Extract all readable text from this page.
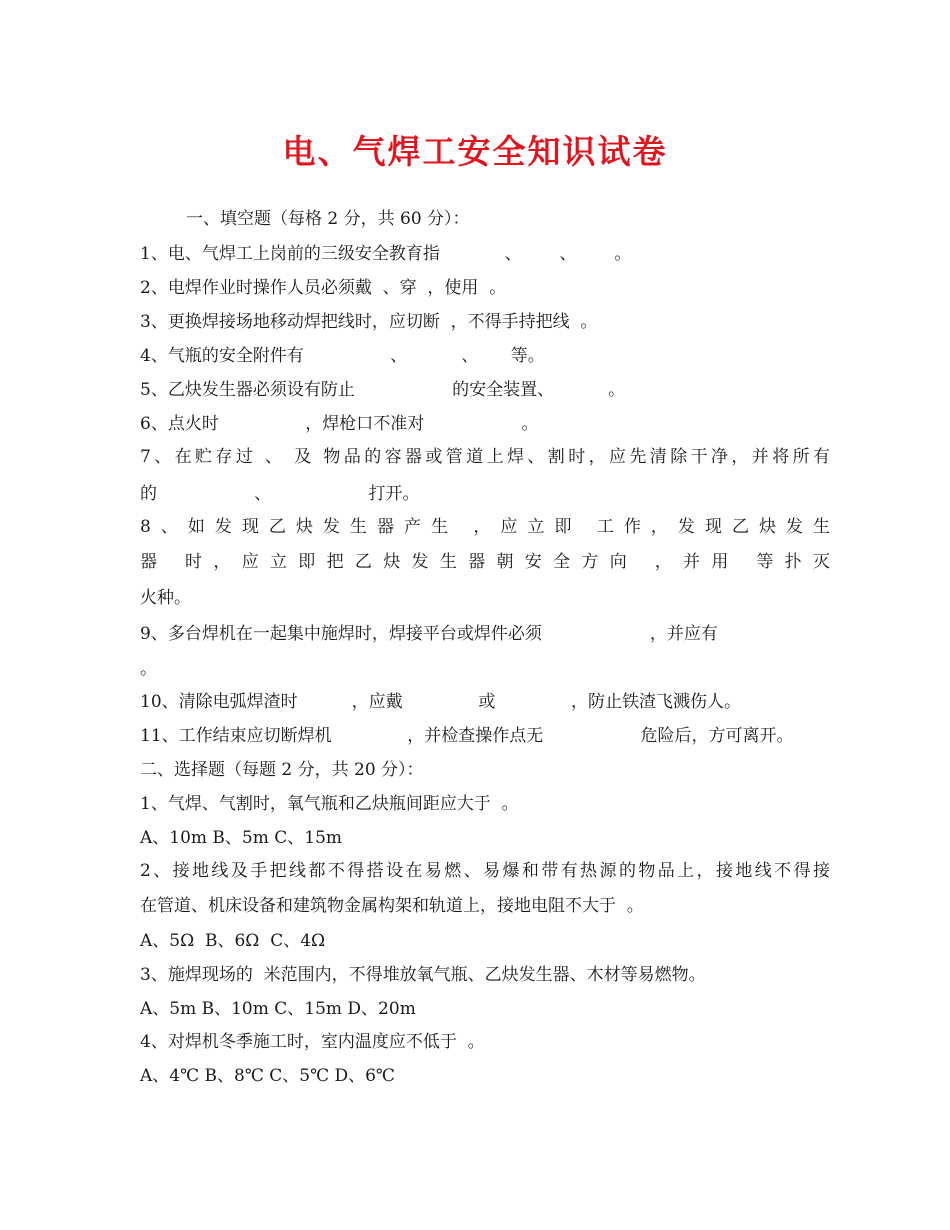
电、气焊工安全知识试卷
一、填空题（每格 2 分，共 60 分）：
1、电、气焊工上岗前的三级安全教育指            、       、       。
2、电焊作业时操作人员必须戴  、穿  ，使用  。
3、更换焊接场地移动焊把线时，应切断  ，不得手持把线  。
4、气瓶的安全附件有                、          、      等。
5、乙炔发生器必须设有防止                  的安全装置、          。
6、点火时                ，焊枪口不准对                  。
7、在贮存过 、 及 物品的容器或管道上焊、割时，应先清除干净，并将所有
的                  、                  打开。
8、如发现乙炔发生器产生 ，应立即 工作，发现乙炔发生
器 时，应立即把乙炔发生器朝安全方向 ，并用 等扑灭
火种。
9、多台焊机在一起集中施焊时，焊接平台或焊件必须                    ，并应有
。
10、清除电弧焊渣时          ，应戴              或              ，防止铁渣飞溅伤人。
11、工作结束应切断焊机              ，并检查操作点无                  危险后，方可离开。
二、选择题（每题 2 分，共 20 分）：
1、气焊、气割时，氧气瓶和乙炔瓶间距应大于  。
A、10m B、5m C、15m
2、接地线及手把线都不得搭设在易燃、易爆和带有热源的物品上，接地线不得接
在管道、机床设备和建筑物金属构架和轨道上，接地电阻不大于  。
A、5Ω  B、6Ω  C、4Ω
3、施焊现场的  米范围内，不得堆放氧气瓶、乙炔发生器、木材等易燃物。
A、5m B、10m C、15m D、20m
4、对焊机冬季施工时，室内温度应不低于  。
A、4℃ B、8℃ C、5℃ D、6℃
